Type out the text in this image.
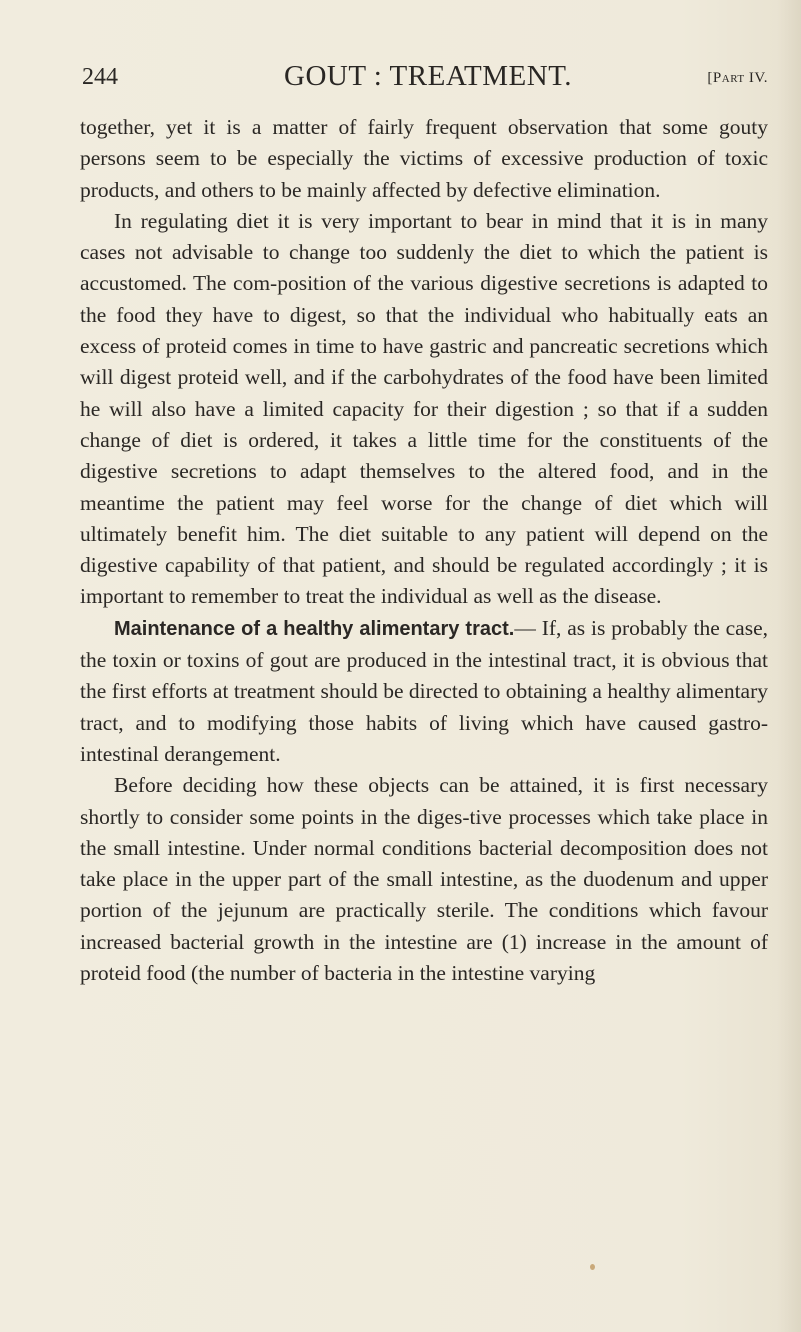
244	GOUT : TREATMENT.	[Part IV.

together, yet it is a matter of fairly frequent observation that some gouty persons seem to be especially the victims of excessive production of toxic products, and others to be mainly affected by defective elimination.

In regulating diet it is very important to bear in mind that it is in many cases not advisable to change too suddenly the diet to which the patient is accustomed. The com-position of the various digestive secretions is adapted to the food they have to digest, so that the individual who habitually eats an excess of proteid comes in time to have gastric and pancreatic secretions which will digest proteid well, and if the carbohydrates of the food have been limited he will also have a limited capacity for their digestion ; so that if a sudden change of diet is ordered, it takes a little time for the constituents of the digestive secretions to adapt themselves to the altered food, and in the meantime the patient may feel worse for the change of diet which will ultimately benefit him. The diet suitable to any patient will depend on the digestive capability of that patient, and should be regulated accordingly ; it is important to remember to treat the individual as well as the disease.

Maintenance of a healthy alimentary tract.— If, as is probably the case, the toxin or toxins of gout are produced in the intestinal tract, it is obvious that the first efforts at treatment should be directed to obtaining a healthy alimentary tract, and to modifying those habits of living which have caused gastro-intestinal derangement.

Before deciding how these objects can be attained, it is first necessary shortly to consider some points in the diges-tive processes which take place in the small intestine. Under normal conditions bacterial decomposition does not take place in the upper part of the small intestine, as the duodenum and upper portion of the jejunum are practically sterile. The conditions which favour increased bacterial growth in the intestine are (1) increase in the amount of proteid food (the number of bacteria in the intestine varying
